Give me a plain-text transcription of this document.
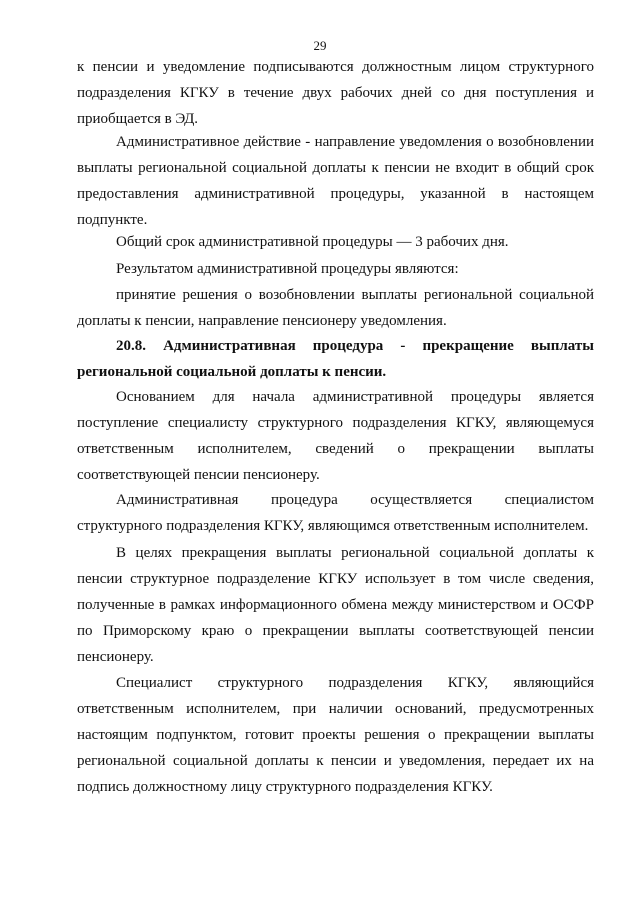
29

к пенсии и уведомление подписываются должностным лицом структурного подразделения КГКУ в течение двух рабочих дней со дня поступления и приобщается в ЭД.

Административное действие - направление уведомления о возобновлении выплаты региональной социальной доплаты к пенсии не входит в общий срок предоставления административной процедуры, указанной в настоящем подпункте.

Общий срок административной процедуры — 3 рабочих дня.

Результатом административной процедуры являются:

принятие решения о возобновлении выплаты региональной социальной доплаты к пенсии, направление пенсионеру уведомления.

20.8. Административная процедура - прекращение выплаты региональной социальной доплаты к пенсии.

Основанием для начала административной процедуры является поступление специалисту структурного подразделения КГКУ, являющемуся ответственным исполнителем, сведений о прекращении выплаты соответствующей пенсии пенсионеру.

Административная процедура осуществляется специалистом структурного подразделения КГКУ, являющимся ответственным исполнителем.

В целях прекращения выплаты региональной социальной доплаты к пенсии структурное подразделение КГКУ использует в том числе сведения, полученные в рамках информационного обмена между министерством и ОСФР по Приморскому краю о прекращении выплаты соответствующей пенсии пенсионеру.

Специалист структурного подразделения КГКУ, являющийся ответственным исполнителем, при наличии оснований, предусмотренных настоящим подпунктом, готовит проекты решения о прекращении выплаты региональной социальной доплаты к пенсии и уведомления, передает их на подпись должностному лицу структурного подразделения КГКУ.
